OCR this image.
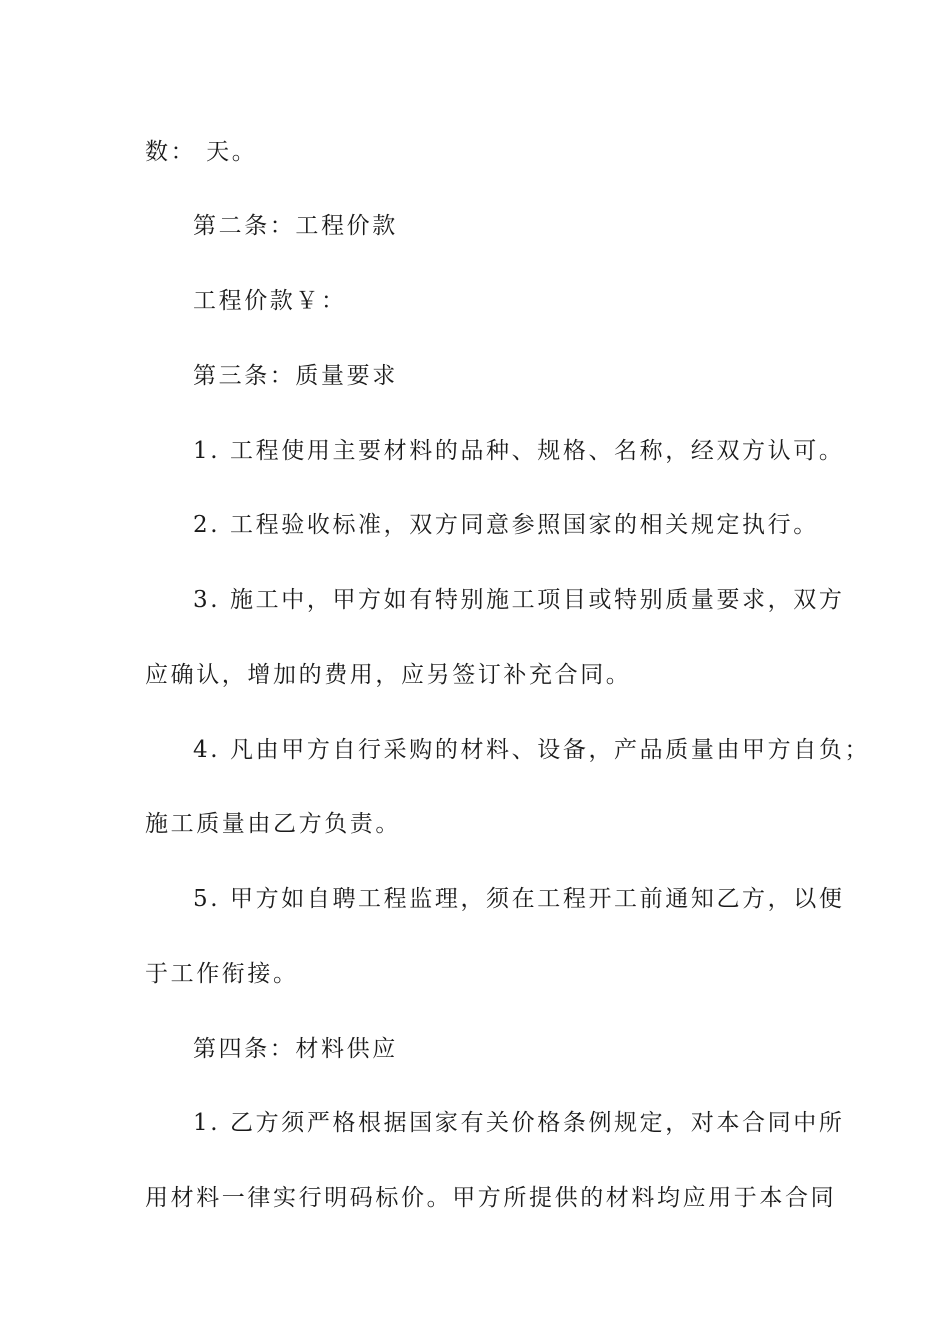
数： 天。
第二条：工程价款
工程价款￥：
第三条：质量要求
1. 工程使用主要材料的品种、规格、名称，经双方认可。
2. 工程验收标准，双方同意参照国家的相关规定执行。
3. 施工中，甲方如有特别施工项目或特别质量要求，双方
应确认，增加的费用，应另签订补充合同。
4. 凡由甲方自行采购的材料、设备，产品质量由甲方自负；
施工质量由乙方负责。
5. 甲方如自聘工程监理，须在工程开工前通知乙方，以便
于工作衔接。
第四条：材料供应
1. 乙方须严格根据国家有关价格条例规定，对本合同中所
用材料一律实行明码标价。甲方所提供的材料均应用于本合同
